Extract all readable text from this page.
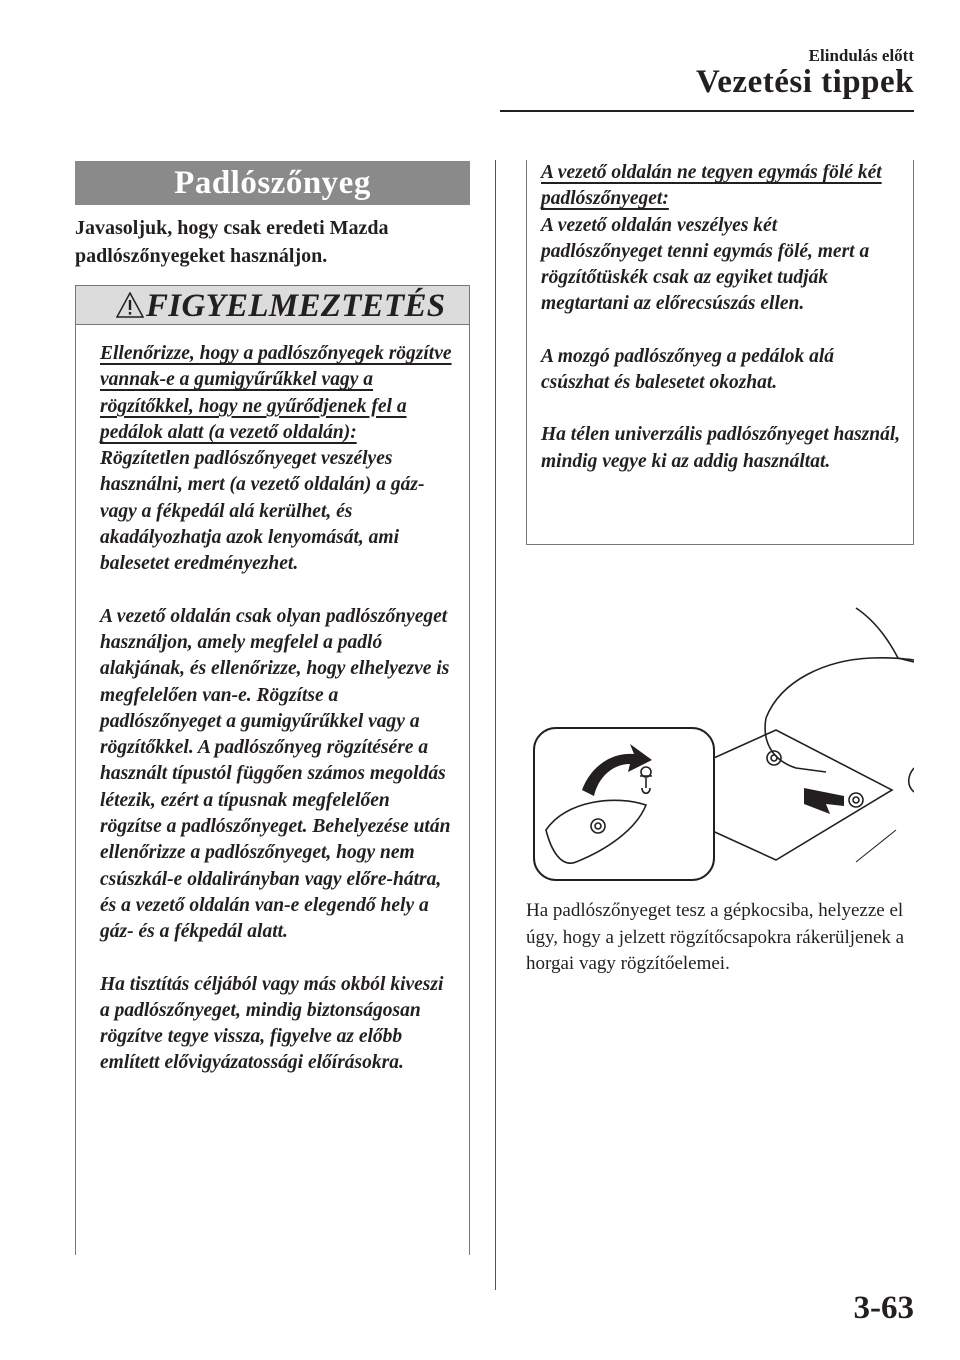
Elindulás előtt
Vezetési tippek
Padlószőnyeg
Javasoljuk, hogy csak eredeti Mazda padlószőnyegeket használjon.
FIGYELMEZTETÉS

Ellenőrizze, hogy a padlószőnyegek rögzítve vannak-e a gumigyűrűkkel vagy a rögzítőkkel, hogy ne gyűrődjenek fel a pedálok alatt (a vezető oldalán):

Rögzítetlen padlószőnyeget veszélyes használni, mert (a vezető oldalán) a gáz- vagy a fékpedál alá kerülhet, és akadályozhatja azok lenyomását, ami balesetet eredményezhet.

A vezető oldalán csak olyan padlószőnyeget használjon, amely megfelel a padló alakjának, és ellenőrizze, hogy elhelyezve is megfelelően van-e. Rögzítse a padlószőnyeget a gumigyűrűkkel vagy a rögzítőkkel. A padlószőnyeg rögzítésére a használt típustól függően számos megoldás létezik, ezért a típusnak megfelelően rögzítse a padlószőnyeget. Behelyezése után ellenőrizze a padlószőnyeget, hogy nem csúszkál-e oldalirányban vagy előre-hátra, és a vezető oldalán van-e elegendő hely a gáz- és a fékpedál alatt.

Ha tisztítás céljából vagy más okból kiveszi a padlószőnyeget, mindig biztonságosan rögzítve tegye vissza, figyelve az előbb említett elővigyázatossági előírásokra.

A vezető oldalán ne tegyen egymás fölé két padlószőnyeget:

A vezető oldalán veszélyes két padlószőnyeget tenni egymás fölé, mert a rögzítőtüskék csak az egyiket tudják megtartani az előrecsúszás ellen.

A mozgó padlószőnyeg a pedálok alá csúszhat és balesetet okozhat.

Ha télen univerzális padlószőnyeget használ, mindig vegye ki az addig használtat.

Ha padlószőnyeget tesz a gépkocsiba, helyezze el úgy, hogy a jelzett rögzítőcsapokra rákerüljenek a horgai vagy rögzítőelemei.
3-63
